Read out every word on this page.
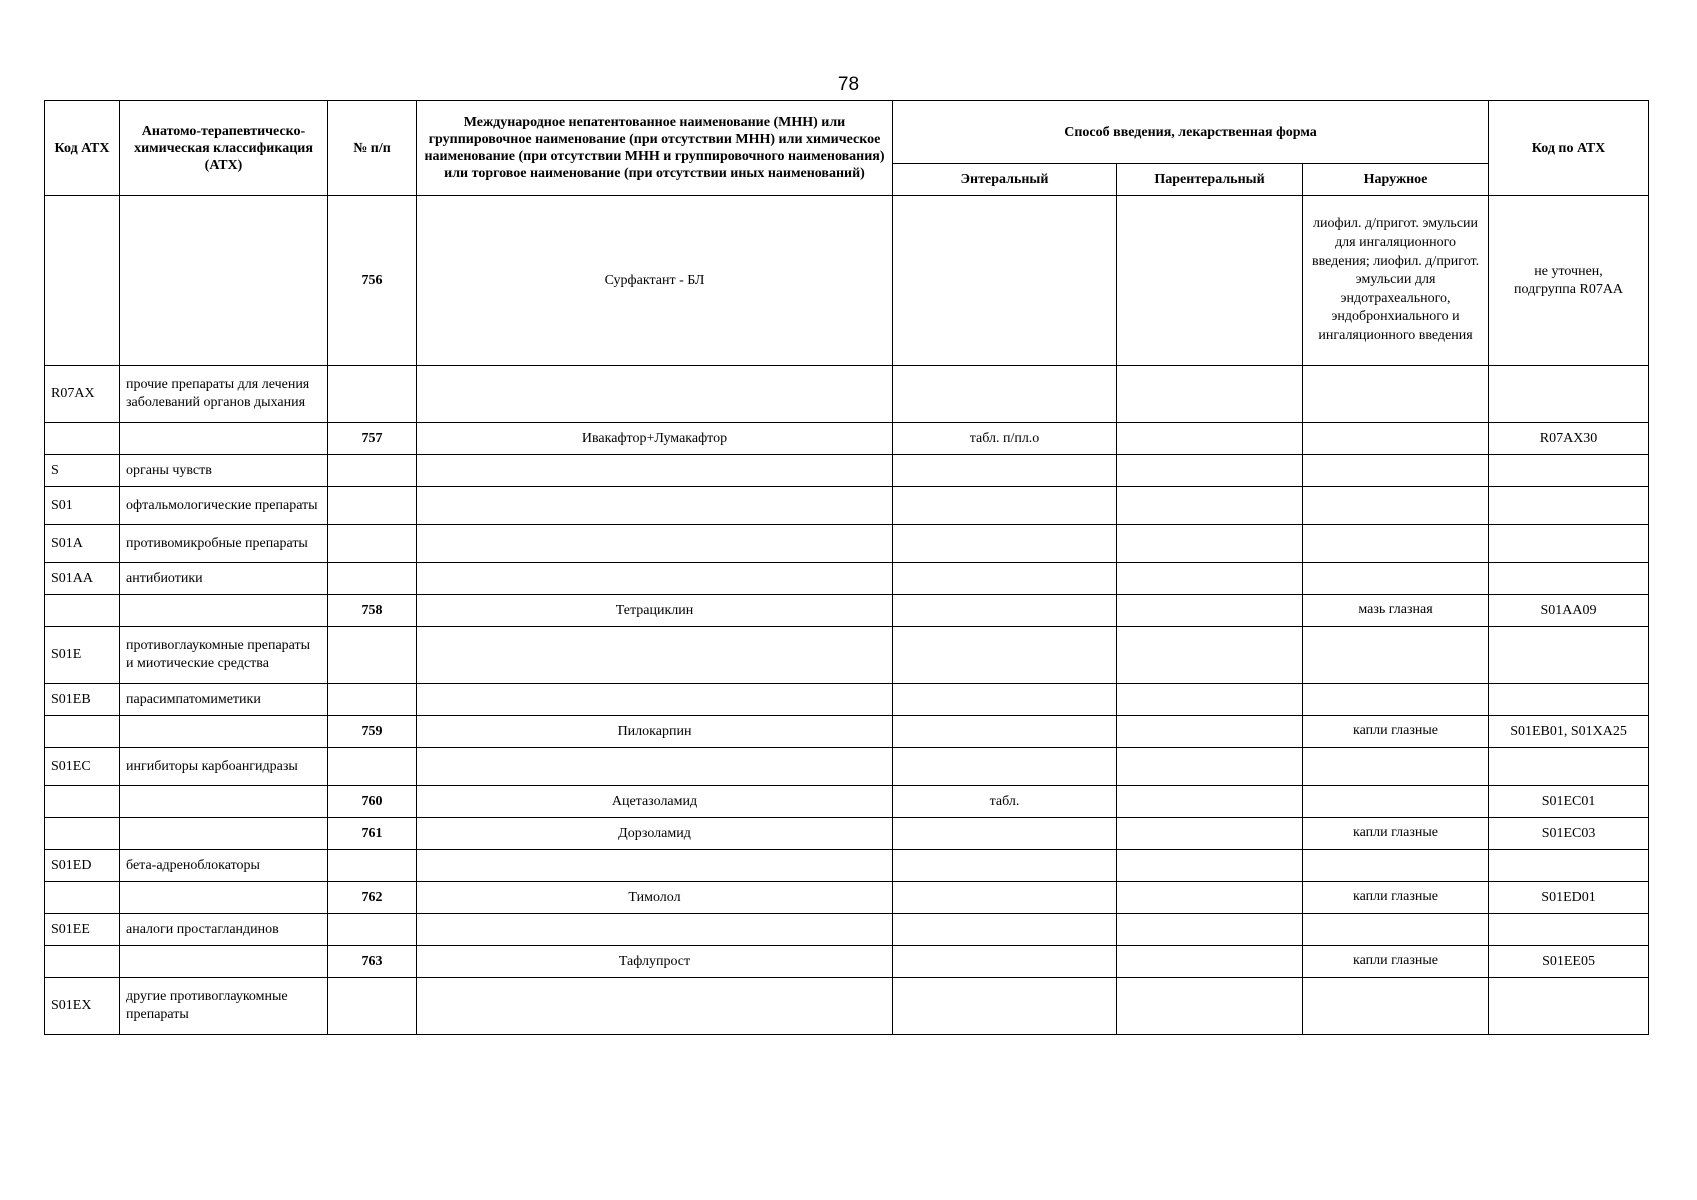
78
Код АТХ	Анатомо-терапевтическо-химическая классификация (АТХ)	№ п/п	Международное непатентованное наименование (МНН) или группировочное наименование (при отсутствии МНН) или химическое наименование (при отсутствии МНН и группировочного наименования) или торговое наименование (при отсутствии иных наименований)	Способ введения, лекарственная форма			Код по АТХ
				Энтеральный	Парентеральный	Наружное	
		756	Сурфактант - БЛ			лиофил. д/пригот. эмульсии для ингаляционного введения; лиофил. д/пригот. эмульсии для эндотрахеального, эндобронхиального и ингаляционного введения	не уточнен,
подгруппа R07AA

R07AX	прочие препараты для лечения заболеваний органов дыхания						

		757	Ивакафтор+Лумакафтор	табл. п/пл.о			R07AX30

S	органы чувств						

S01	офтальмологические препараты						

S01A	противомикробные препараты						

S01AA	антибиотики						

		758	Тетрациклин			мазь глазная	S01AA09

S01E	противоглаукомные препараты и миотические средства						

S01EB	парасимпатомиметики						

		759	Пилокарпин			капли глазные	S01EB01, S01XA25

S01EC	ингибиторы карбоангидразы						

		760	Ацетазоламид	табл.			S01EC01

		761	Дорзоламид			капли глазные	S01EC03

S01ED	бета-адреноблокаторы						

		762	Тимолол			капли глазные	S01ED01

S01EE	аналоги простагландинов						

		763	Тафлупрост			капли глазные	S01EE05

S01EX	другие противоглаукомные препараты						
